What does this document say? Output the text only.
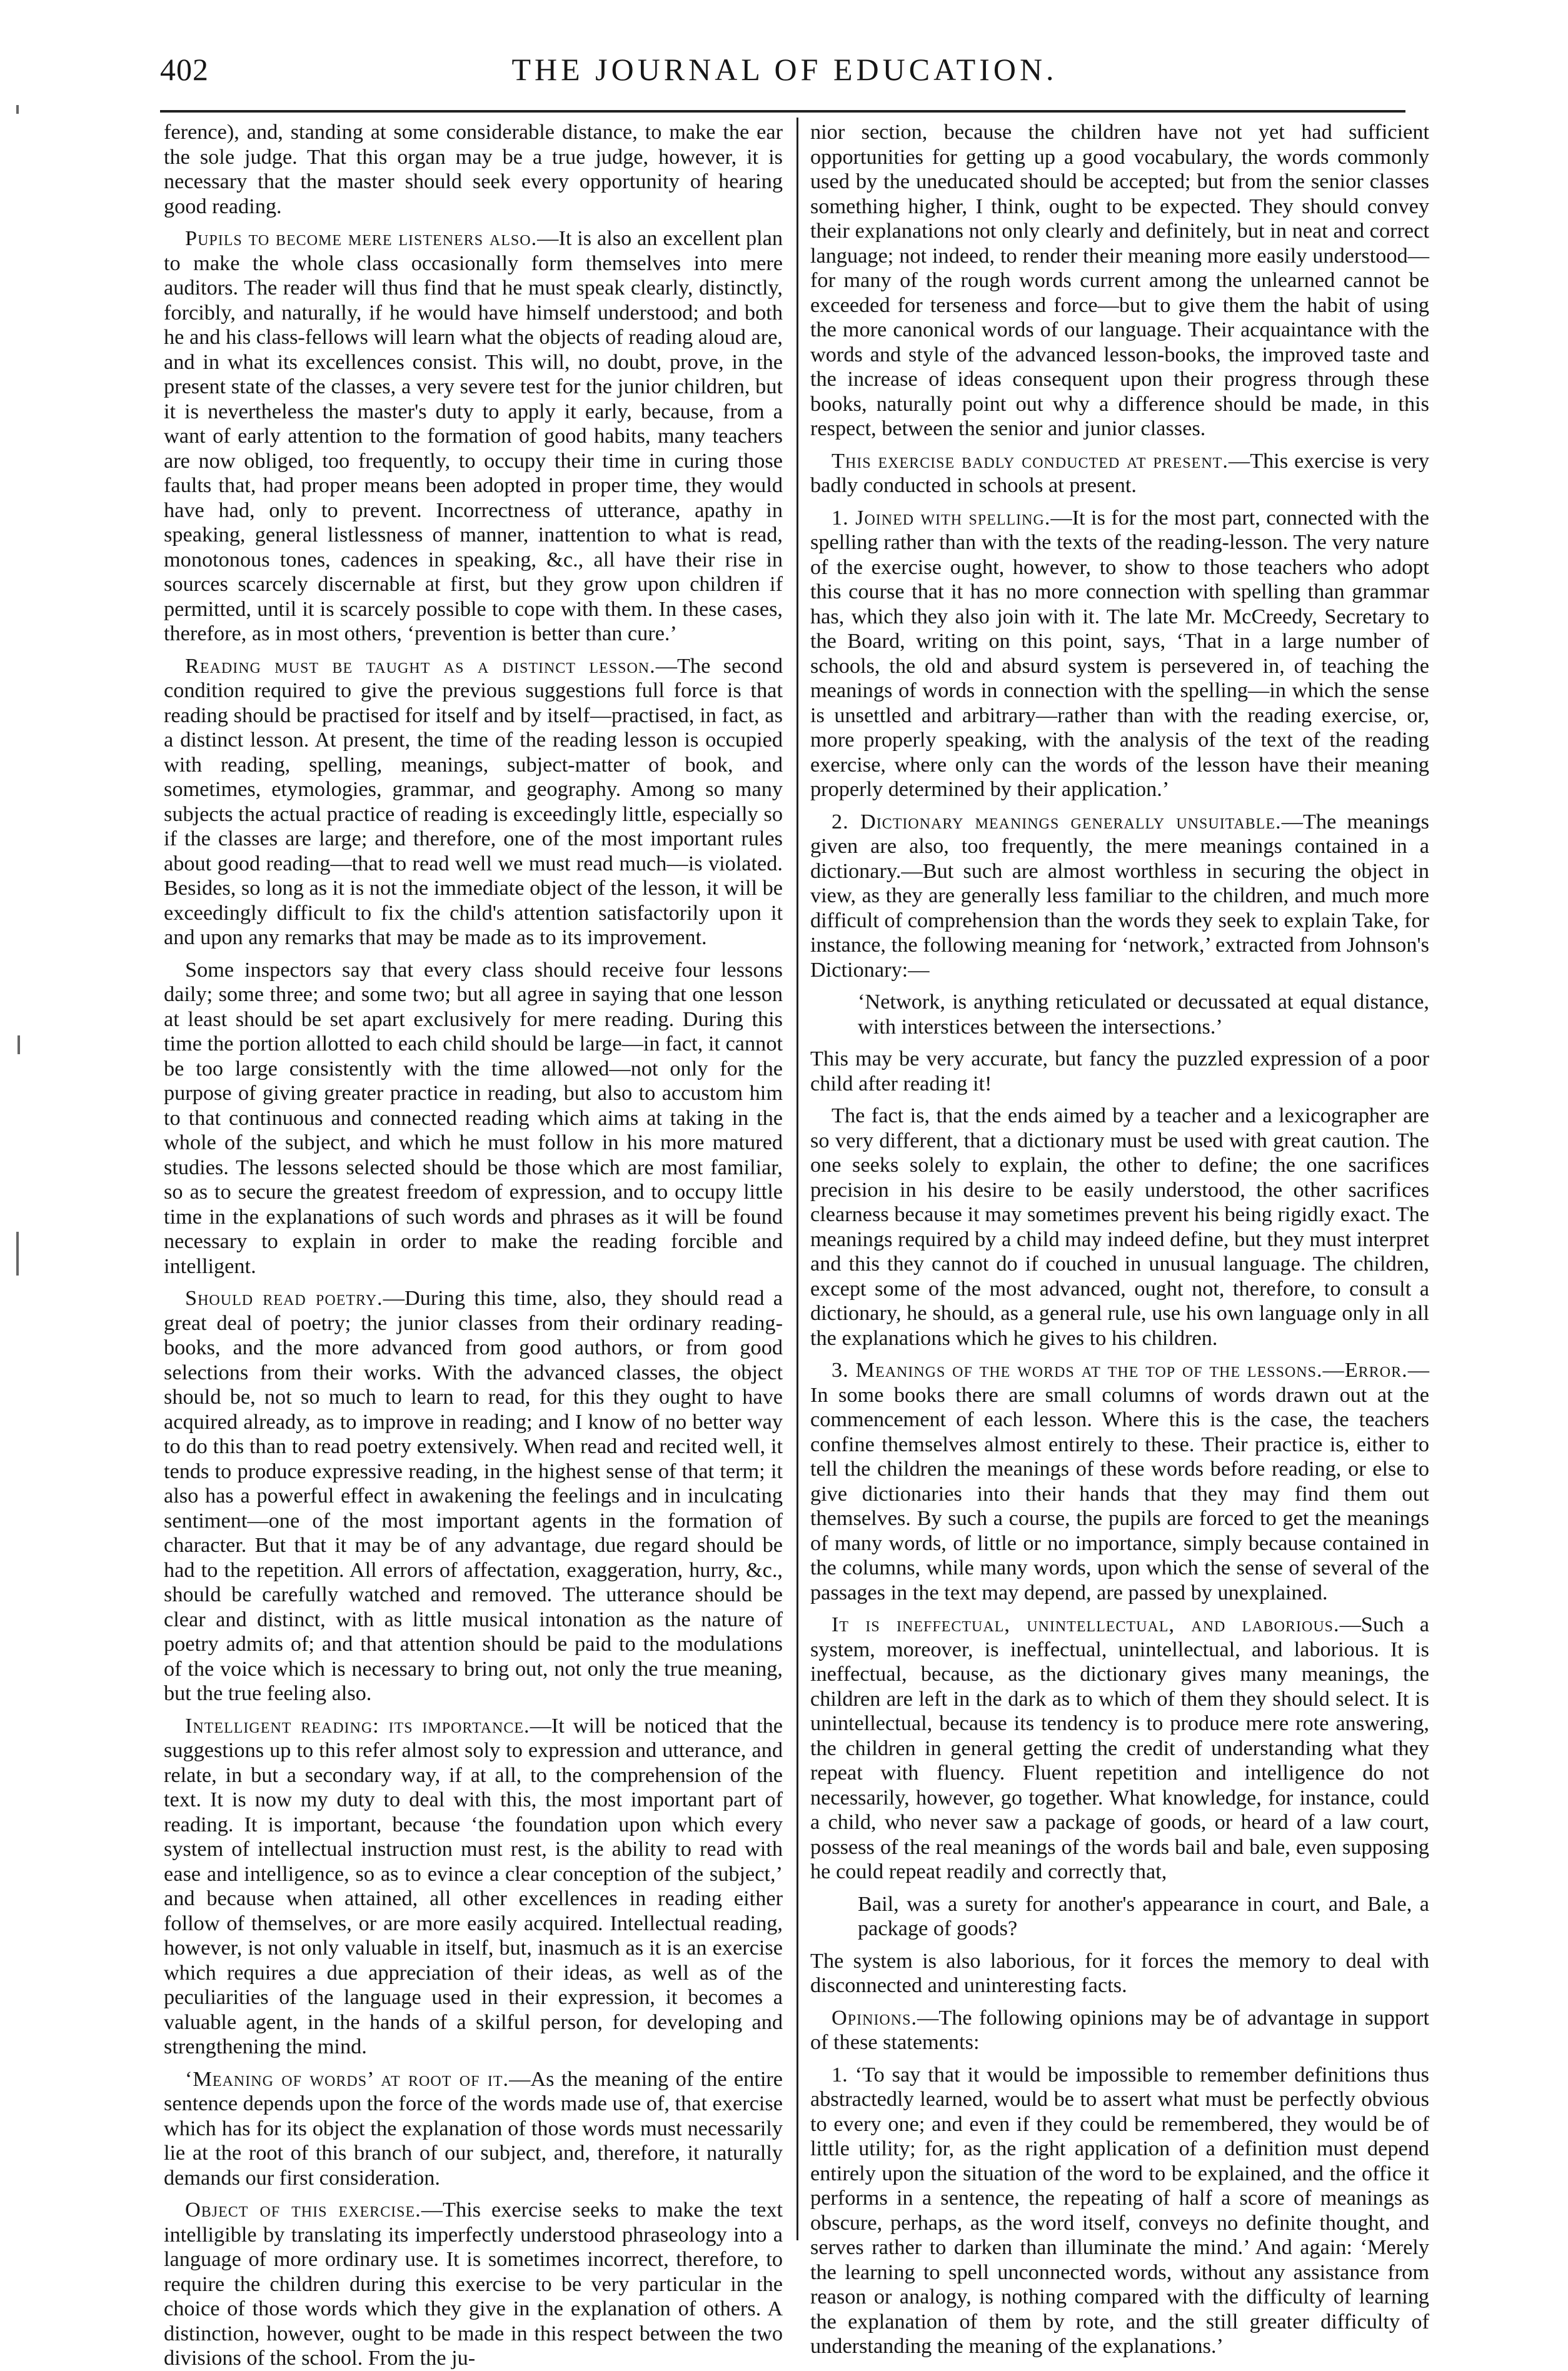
402	THE JOURNAL OF EDUCATION.

ference), and, standing at some considerable distance, to make the ear the sole judge. That this organ may be a true judge, however, it is necessary that the master should seek every opportunity of hearing good reading.

Pupils to become mere listeners also.—It is also an excellent plan to make the whole class occasionally form themselves into mere auditors. The reader will thus find that he must speak clearly, distinctly, forcibly, and naturally, if he would have himself understood; and both he and his class-fellows will learn what the objects of reading aloud are, and in what its excellences consist. This will, no doubt, prove, in the present state of the classes, a very severe test for the junior children, but it is nevertheless the master's duty to apply it early, because, from a want of early attention to the formation of good habits, many teachers are now obliged, too frequently, to occupy their time in curing those faults that, had proper means been adopted in proper time, they would have had, only to prevent. Incorrectness of utterance, apathy in speaking, general listlessness of manner, inattention to what is read, monotonous tones, cadences in speaking, &c., all have their rise in sources scarcely discernable at first, but they grow upon children if permitted, until it is scarcely possible to cope with them. In these cases, therefore, as in most others, ‘prevention is better than cure.’

Reading must be taught as a distinct lesson.—The second condition required to give the previous suggestions full force is that reading should be practised for itself and by itself—practised, in fact, as a distinct lesson. At present, the time of the reading lesson is occupied with reading, spelling, meanings, subject-matter of book, and sometimes, etymologies, grammar, and geography. Among so many subjects the actual practice of reading is exceedingly little, especially so if the classes are large; and therefore, one of the most important rules about good reading—that to read well we must read much—is violated. Besides, so long as it is not the immediate object of the lesson, it will be exceedingly difficult to fix the child's attention satisfactorily upon it and upon any remarks that may be made as to its improvement.

Some inspectors say that every class should receive four lessons daily; some three; and some two; but all agree in saying that one lesson at least should be set apart exclusively for mere reading. During this time the portion allotted to each child should be large—in fact, it cannot be too large consistently with the time allowed—not only for the purpose of giving greater practice in reading, but also to accustom him to that continuous and connected reading which aims at taking in the whole of the subject, and which he must follow in his more matured studies. The lessons selected should be those which are most familiar, so as to secure the greatest freedom of expression, and to occupy little time in the explanations of such words and phrases as it will be found necessary to explain in order to make the reading forcible and intelligent.

Should read poetry.—During this time, also, they should read a great deal of poetry; the junior classes from their ordinary reading-books, and the more advanced from good authors, or from good selections from their works. With the advanced classes, the object should be, not so much to learn to read, for this they ought to have acquired already, as to improve in reading; and I know of no better way to do this than to read poetry extensively. When read and recited well, it tends to produce expressive reading, in the highest sense of that term; it also has a powerful effect in awakening the feelings and in inculcating sentiment—one of the most important agents in the formation of character. But that it may be of any advantage, due regard should be had to the repetition. All errors of affectation, exaggeration, hurry, &c., should be carefully watched and removed. The utterance should be clear and distinct, with as little musical intonation as the nature of poetry admits of; and that attention should be paid to the modulations of the voice which is necessary to bring out, not only the true meaning, but the true feeling also.

Intelligent reading: its importance.—It will be noticed that the suggestions up to this refer almost soly to expression and utterance, and relate, in but a secondary way, if at all, to the comprehension of the text. It is now my duty to deal with this, the most important part of reading. It is important, because ‘the foundation upon which every system of intellectual instruction must rest, is the ability to read with ease and intelligence, so as to evince a clear conception of the subject,’ and because when attained, all other excellences in reading either follow of themselves, or are more easily acquired. Intellectual reading, however, is not only valuable in itself, but, inasmuch as it is an exercise which requires a due appreciation of their ideas, as well as of the peculiarities of the language used in their expression, it becomes a valuable agent, in the hands of a skilful person, for developing and strengthening the mind.

‘Meaning of words’ at root of it.—As the meaning of the entire sentence depends upon the force of the words made use of, that exercise which has for its object the explanation of those words must necessarily lie at the root of this branch of our subject, and, therefore, it naturally demands our first consideration.

Object of this exercise.—This exercise seeks to make the text intelligible by translating its imperfectly understood phraseology into a language of more ordinary use. It is sometimes incorrect, therefore, to require the children during this exercise to be very particular in the choice of those words which they give in the explanation of others. A distinction, however, ought to be made in this respect between the two divisions of the school. From the ju-

nior section, because the children have not yet had sufficient opportunities for getting up a good vocabulary, the words commonly used by the uneducated should be accepted; but from the senior classes something higher, I think, ought to be expected. They should convey their explanations not only clearly and definitely, but in neat and correct language; not indeed, to render their meaning more easily understood—for many of the rough words current among the unlearned cannot be exceeded for terseness and force—but to give them the habit of using the more canonical words of our language. Their acquaintance with the words and style of the advanced lesson-books, the improved taste and the increase of ideas consequent upon their progress through these books, naturally point out why a difference should be made, in this respect, between the senior and junior classes.

This exercise badly conducted at present.—This exercise is very badly conducted in schools at present.

1. Joined with spelling.—It is for the most part, connected with the spelling rather than with the texts of the reading-lesson. The very nature of the exercise ought, however, to show to those teachers who adopt this course that it has no more connection with spelling than grammar has, which they also join with it. The late Mr. McCreedy, Secretary to the Board, writing on this point, says, ‘That in a large number of schools, the old and absurd system is persevered in, of teaching the meanings of words in connection with the spelling—in which the sense is unsettled and arbitrary—rather than with the reading exercise, or, more properly speaking, with the analysis of the text of the reading exercise, where only can the words of the lesson have their meaning properly determined by their application.’

2. Dictionary meanings generally unsuitable.—The meanings given are also, too frequently, the mere meanings contained in a dictionary.—But such are almost worthless in securing the object in view, as they are generally less familiar to the children, and much more difficult of comprehension than the words they seek to explain Take, for instance, the following meaning for ‘network,’ extracted from Johnson's Dictionary:—

‘Network, is anything reticulated or decussated at equal distance, with interstices between the intersections.’

This may be very accurate, but fancy the puzzled expression of a poor child after reading it!

The fact is, that the ends aimed by a teacher and a lexicographer are so very different, that a dictionary must be used with great caution. The one seeks solely to explain, the other to define; the one sacrifices precision in his desire to be easily understood, the other sacrifices clearness because it may sometimes prevent his being rigidly exact. The meanings required by a child may indeed define, but they must interpret and this they cannot do if couched in unusual language. The children, except some of the most advanced, ought not, therefore, to consult a dictionary, he should, as a general rule, use his own language only in all the explanations which he gives to his children.

3. Meanings of the words at the top of the lessons.—Error.—In some books there are small columns of words drawn out at the commencement of each lesson. Where this is the case, the teachers confine themselves almost entirely to these. Their practice is, either to tell the children the meanings of these words before reading, or else to give dictionaries into their hands that they may find them out themselves. By such a course, the pupils are forced to get the meanings of many words, of little or no importance, simply because contained in the columns, while many words, upon which the sense of several of the passages in the text may depend, are passed by unexplained.

It is ineffectual, unintellectual, and laborious.—Such a system, moreover, is ineffectual, unintellectual, and laborious. It is ineffectual, because, as the dictionary gives many meanings, the children are left in the dark as to which of them they should select. It is unintellectual, because its tendency is to produce mere rote answering, the children in general getting the credit of understanding what they repeat with fluency. Fluent repetition and intelligence do not necessarily, however, go together. What knowledge, for instance, could a child, who never saw a package of goods, or heard of a law court, possess of the real meanings of the words bail and bale, even supposing he could repeat readily and correctly that,

Bail, was a surety for another's appearance in court, and Bale, a package of goods?

The system is also laborious, for it forces the memory to deal with disconnected and uninteresting facts.

Opinions.—The following opinions may be of advantage in support of these statements:

1. ‘To say that it would be impossible to remember definitions thus abstractedly learned, would be to assert what must be perfectly obvious to every one; and even if they could be remembered, they would be of little utility; for, as the right application of a definition must depend entirely upon the situation of the word to be explained, and the office it performs in a sentence, the repeating of half a score of meanings as obscure, perhaps, as the word itself, conveys no definite thought, and serves rather to darken than illuminate the mind.’ And again: ‘Merely the learning to spell unconnected words, without any assistance from reason or analogy, is nothing compared with the difficulty of learning the explanation of them by rote, and the still greater difficulty of understanding the meaning of the explanations.’
